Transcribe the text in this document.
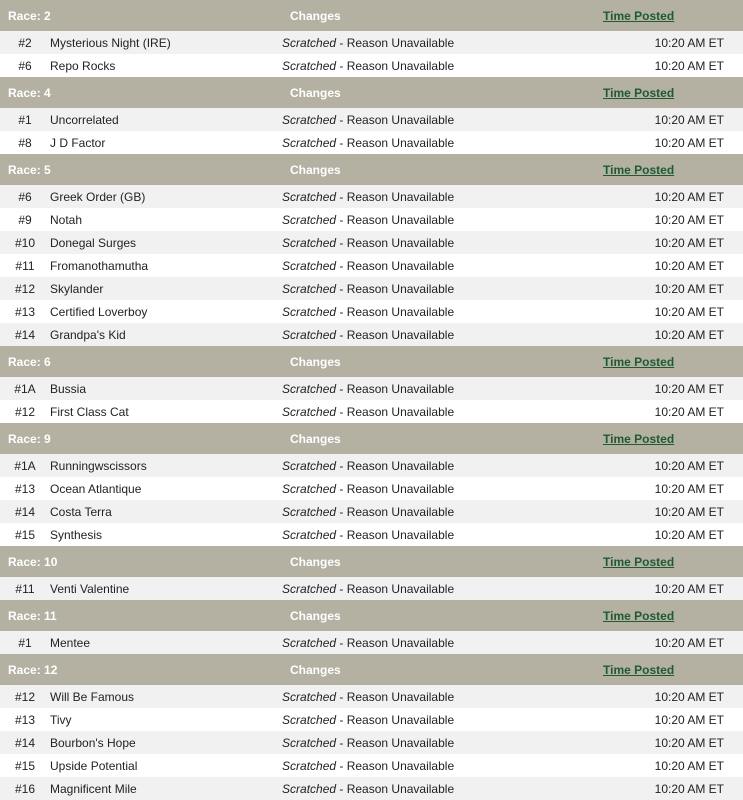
Race: 2		Changes	Time Posted
#2	Mysterious Night (IRE)	Scratched - Reason Unavailable	10:20 AM ET
#6	Repo Rocks	Scratched - Reason Unavailable	10:20 AM ET
Race: 4		Changes	Time Posted
#1	Uncorrelated	Scratched - Reason Unavailable	10:20 AM ET
#8	J D Factor	Scratched - Reason Unavailable	10:20 AM ET
Race: 5		Changes	Time Posted
#6	Greek Order (GB)	Scratched - Reason Unavailable	10:20 AM ET
#9	Notah	Scratched - Reason Unavailable	10:20 AM ET
#10	Donegal Surges	Scratched - Reason Unavailable	10:20 AM ET
#11	Fromanothamutha	Scratched - Reason Unavailable	10:20 AM ET
#12	Skylander	Scratched - Reason Unavailable	10:20 AM ET
#13	Certified Loverboy	Scratched - Reason Unavailable	10:20 AM ET
#14	Grandpa's Kid	Scratched - Reason Unavailable	10:20 AM ET
Race: 6		Changes	Time Posted
#1A	Bussia	Scratched - Reason Unavailable	10:20 AM ET
#12	First Class Cat	Scratched - Reason Unavailable	10:20 AM ET
Race: 9		Changes	Time Posted
#1A	Runningwscissors	Scratched - Reason Unavailable	10:20 AM ET
#13	Ocean Atlantique	Scratched - Reason Unavailable	10:20 AM ET
#14	Costa Terra	Scratched - Reason Unavailable	10:20 AM ET
#15	Synthesis	Scratched - Reason Unavailable	10:20 AM ET
Race: 10		Changes	Time Posted
#11	Venti Valentine	Scratched - Reason Unavailable	10:20 AM ET
Race: 11		Changes	Time Posted
#1	Mentee	Scratched - Reason Unavailable	10:20 AM ET
Race: 12		Changes	Time Posted
#12	Will Be Famous	Scratched - Reason Unavailable	10:20 AM ET
#13	Tivy	Scratched - Reason Unavailable	10:20 AM ET
#14	Bourbon's Hope	Scratched - Reason Unavailable	10:20 AM ET
#15	Upside Potential	Scratched - Reason Unavailable	10:20 AM ET
#16	Magnificent Mile	Scratched - Reason Unavailable	10:20 AM ET
